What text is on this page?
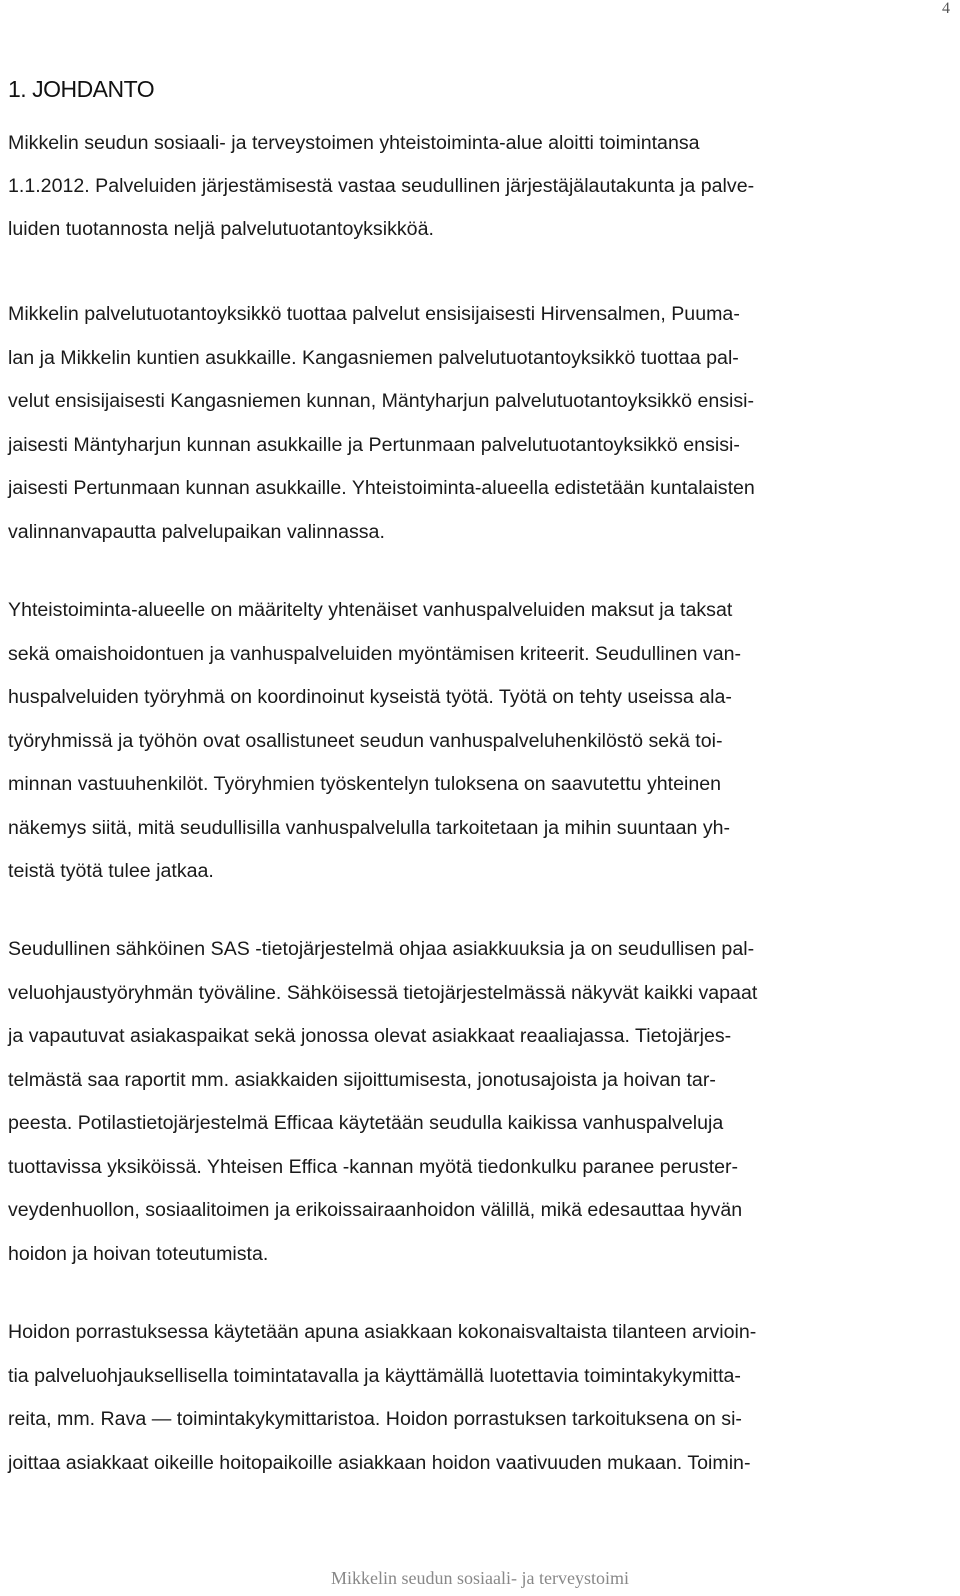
4
1. JOHDANTO

Mikkelin seudun sosiaali- ja terveystoimen yhteistoiminta-alue aloitti toimintansa
1.1.2012. Palveluiden järjestämisestä vastaa seudullinen järjestäjälautakunta ja palve-
luiden tuotannosta neljä palvelutuotantoyksikköä.

Mikkelin palvelutuotantoyksikkö tuottaa palvelut ensisijaisesti Hirvensalmen, Puuma-
lan ja Mikkelin kuntien asukkaille. Kangasniemen palvelutuotantoyksikkö tuottaa pal-
velut ensisijaisesti Kangasniemen kunnan, Mäntyharjun palvelutuotantoyksikkö ensisi-
jaisesti Mäntyharjun kunnan asukkaille ja Pertunmaan palvelutuotantoyksikkö ensisi-
jaisesti Pertunmaan kunnan asukkaille. Yhteistoiminta-alueella edistetään kuntalaisten
valinnanvapautta palvelupaikan valinnassa.

Yhteistoiminta-alueelle on määritelty yhtenäiset vanhuspalveluiden maksut ja taksat
sekä omaishoidontuen ja vanhuspalveluiden myöntämisen kriteerit. Seudullinen van-
huspalveluiden työryhmä on koordinoinut kyseistä työtä. Työtä on tehty useissa ala-
työryhmissä ja työhön ovat osallistuneet seudun vanhuspalveluhenkilöstö sekä toi-
minnan vastuuhenkilöt. Työryhmien työskentelyn tuloksena on saavutettu yhteinen
näkemys siitä, mitä seudullisilla vanhuspalvelulla tarkoitetaan ja mihin suuntaan yh-
teistä työtä tulee jatkaa.

Seudullinen sähköinen SAS -tietojärjestelmä ohjaa asiakkuuksia ja on seudullisen pal-
veluohjaustyöryhmän työväline. Sähköisessä tietojärjestelmässä näkyvät kaikki vapaat
ja vapautuvat asiakaspaikat sekä jonossa olevat asiakkaat reaaliajassa. Tietojärjes-
telmästä saa raportit mm. asiakkaiden sijoittumisesta, jonotusajoista ja hoivan tar-
peesta. Potilastietojärjestelmä Efficaa käytetään seudulla kaikissa vanhuspalveluja
tuottavissa yksiköissä. Yhteisen Effica -kannan myötä tiedonkulku paranee peruster-
veydenhuollon, sosiaalitoimen ja erikoissairaanhoidon välillä, mikä edesauttaa hyvän
hoidon ja hoivan toteutumista.

Hoidon porrastuksessa käytetään apuna asiakkaan kokonaisvaltaista tilanteen arvioin-
tia palveluohjauksellisella toimintatavalla ja käyttämällä luotettavia toimintakykymitta-
reita, mm. Rava — toimintakykymittaristoa. Hoidon porrastuksen tarkoituksena on si-
joittaa asiakkaat oikeille hoitopaikoille asiakkaan hoidon vaativuuden mukaan. Toimin-

Mikkelin seudun sosiaali- ja terveystoimi
